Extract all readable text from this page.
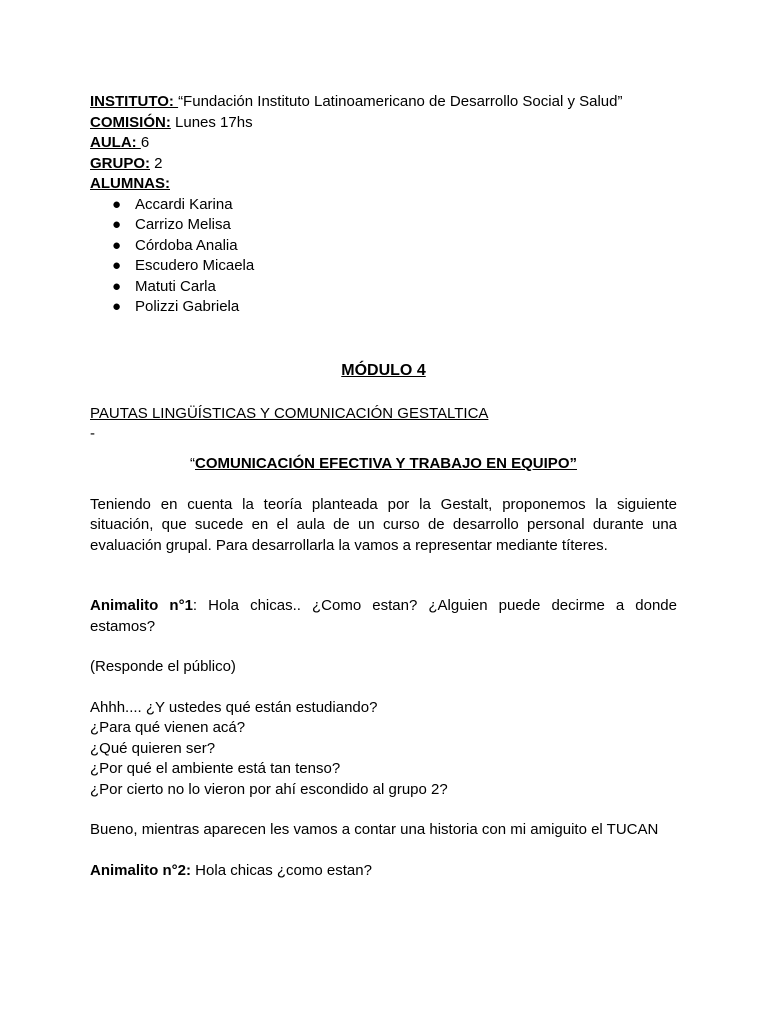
INSTITUTO: “Fundación Instituto Latinoamericano de Desarrollo Social y Salud”
COMISIÓN: Lunes 17hs
AULA: 6
GRUPO: 2
ALUMNAS:
● Accardi Karina
● Carrizo Melisa
● Córdoba Analia
● Escudero Micaela
● Matuti Carla
● Polizzi Gabriela
MÓDULO 4
PAUTAS LINGÜÍSTICAS Y COMUNICACIÓN GESTALTICA
-
“COMUNICACIÓN EFECTIVA Y TRABAJO EN EQUIPO”

Teniendo en cuenta la teoría planteada por la Gestalt, proponemos la siguiente situación, que sucede en el aula de un curso de desarrollo personal durante una evaluación grupal. Para desarrollarla la vamos a representar mediante títeres.

Animalito n°1: Hola chicas.. ¿Como estan? ¿Alguien puede decirme a donde estamos?

(Responde el público)

Ahhh.... ¿Y ustedes qué están estudiando?
¿Para qué vienen acá?
¿Qué quieren ser?
¿Por qué el ambiente está tan tenso?
¿Por cierto no lo vieron por ahí escondido al grupo 2?

Bueno, mientras aparecen les vamos a contar una historia con mi amiguito el TUCAN

Animalito n°2: Hola chicas ¿como estan?
